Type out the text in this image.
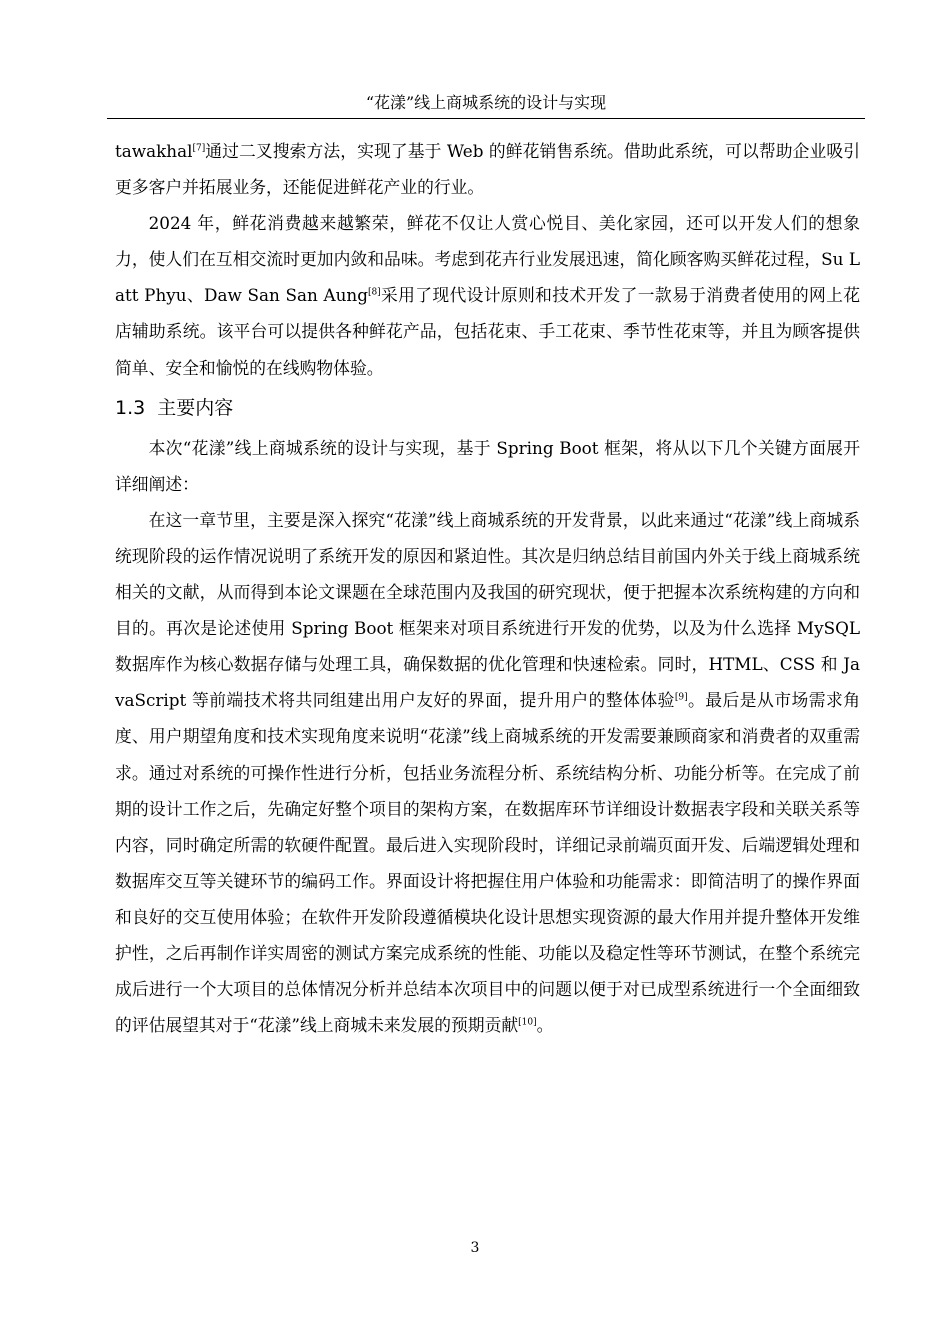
“花漾”线上商城系统的设计与实现

tawakhal[7]通过二叉搜索方法，实现了基于 Web 的鲜花销售系统。借助此系统，可以帮助企业吸引更多客户并拓展业务，还能促进鲜花产业的行业。

2024 年，鲜花消费越来越繁荣，鲜花不仅让人赏心悦目、美化家园，还可以开发人们的想象力，使人们在互相交流时更加内敛和品味。考虑到花卉行业发展迅速，简化顾客购买鲜花过程，Su Latt Phyu、Daw San San Aung[8]采用了现代设计原则和技术开发了一款易于消费者使用的网上花店辅助系统。该平台可以提供各种鲜花产品，包括花束、手工花束、季节性花束等，并且为顾客提供简单、安全和愉悦的在线购物体验。

1.3 主要内容

本次“花漾”线上商城系统的设计与实现，基于 Spring Boot 框架，将从以下几个关键方面展开详细阐述：

在这一章节里，主要是深入探究“花漾”线上商城系统的开发背景，以此来通过“花漾”线上商城系统现阶段的运作情况说明了系统开发的原因和紧迫性。其次是归纳总结目前国内外关于线上商城系统相关的文献，从而得到本论文课题在全球范围内及我国的研究现状，便于把握本次系统构建的方向和目的。再次是论述使用 Spring Boot 框架来对项目系统进行开发的优势，以及为什么选择 MySQL 数据库作为核心数据存储与处理工具，确保数据的优化管理和快速检索。同时，HTML、CSS 和 JavaScript 等前端技术将共同组建出用户友好的界面，提升用户的整体体验[9]。最后是从市场需求角度、用户期望角度和技术实现角度来说明“花漾”线上商城系统的开发需要兼顾商家和消费者的双重需求。通过对系统的可操作性进行分析，包括业务流程分析、系统结构分析、功能分析等。在完成了前期的设计工作之后，先确定好整个项目的架构方案，在数据库环节详细设计数据表字段和关联关系等内容，同时确定所需的软硬件配置。最后进入实现阶段时，详细记录前端页面开发、后端逻辑处理和数据库交互等关键环节的编码工作。界面设计将把握住用户体验和功能需求：即简洁明了的操作界面和良好的交互使用体验；在软件开发阶段遵循模块化设计思想实现资源的最大作用并提升整体开发维护性，之后再制作详实周密的测试方案完成系统的性能、功能以及稳定性等环节测试，在整个系统完成后进行一个大项目的总体情况分析并总结本次项目中的问题以便于对已成型系统进行一个全面细致的评估展望其对于“花漾”线上商城未来发展的预期贡献[10]。

3
